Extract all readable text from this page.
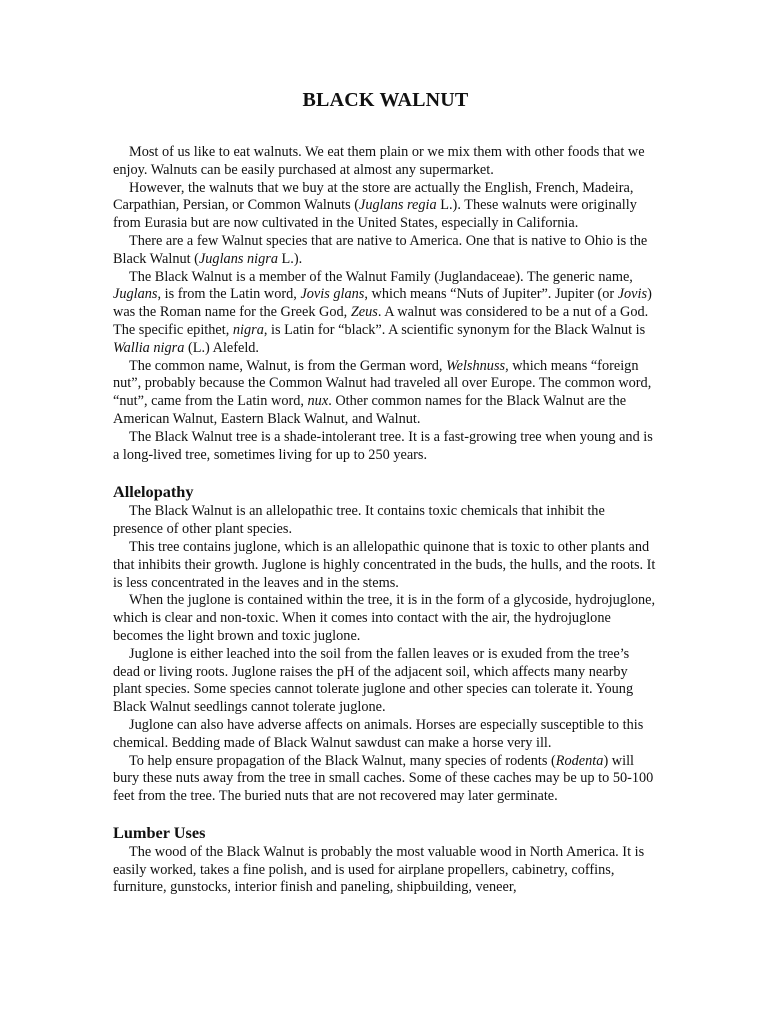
BLACK WALNUT

Most of us like to eat walnuts. We eat them plain or we mix them with other foods that we enjoy. Walnuts can be easily purchased at almost any supermarket.

However, the walnuts that we buy at the store are actually the English, French, Madeira, Carpathian, Persian, or Common Walnuts (Juglans regia L.). These walnuts were originally from Eurasia but are now cultivated in the United States, especially in California.

There are a few Walnut species that are native to America. One that is native to Ohio is the Black Walnut (Juglans nigra L.).

The Black Walnut is a member of the Walnut Family (Juglandaceae). The generic name, Juglans, is from the Latin word, Jovis glans, which means “Nuts of Jupiter”. Jupiter (or Jovis) was the Roman name for the Greek God, Zeus. A walnut was considered to be a nut of a God. The specific epithet, nigra, is Latin for “black”. A scientific synonym for the Black Walnut is Wallia nigra (L.) Alefeld.

The common name, Walnut, is from the German word, Welshnuss, which means “foreign nut”, probably because the Common Walnut had traveled all over Europe. The common word, “nut”, came from the Latin word, nux. Other common names for the Black Walnut are the American Walnut, Eastern Black Walnut, and Walnut.

The Black Walnut tree is a shade-intolerant tree. It is a fast-growing tree when young and is a long-lived tree, sometimes living for up to 250 years.

Allelopathy

The Black Walnut is an allelopathic tree. It contains toxic chemicals that inhibit the presence of other plant species.

This tree contains juglone, which is an allelopathic quinone that is toxic to other plants and that inhibits their growth. Juglone is highly concentrated in the buds, the hulls, and the roots. It is less concentrated in the leaves and in the stems.

When the juglone is contained within the tree, it is in the form of a glycoside, hydrojuglone, which is clear and non-toxic. When it comes into contact with the air, the hydrojuglone becomes the light brown and toxic juglone.

Juglone is either leached into the soil from the fallen leaves or is exuded from the tree’s dead or living roots. Juglone raises the pH of the adjacent soil, which affects many nearby plant species. Some species cannot tolerate juglone and other species can tolerate it. Young Black Walnut seedlings cannot tolerate juglone.

Juglone can also have adverse affects on animals. Horses are especially susceptible to this chemical. Bedding made of Black Walnut sawdust can make a horse very ill.

To help ensure propagation of the Black Walnut, many species of rodents (Rodenta) will bury these nuts away from the tree in small caches. Some of these caches may be up to 50-100 feet from the tree. The buried nuts that are not recovered may later germinate.

Lumber Uses

The wood of the Black Walnut is probably the most valuable wood in North America. It is easily worked, takes a fine polish, and is used for airplane propellers, cabinetry, coffins, furniture, gunstocks, interior finish and paneling, shipbuilding, veneer,
